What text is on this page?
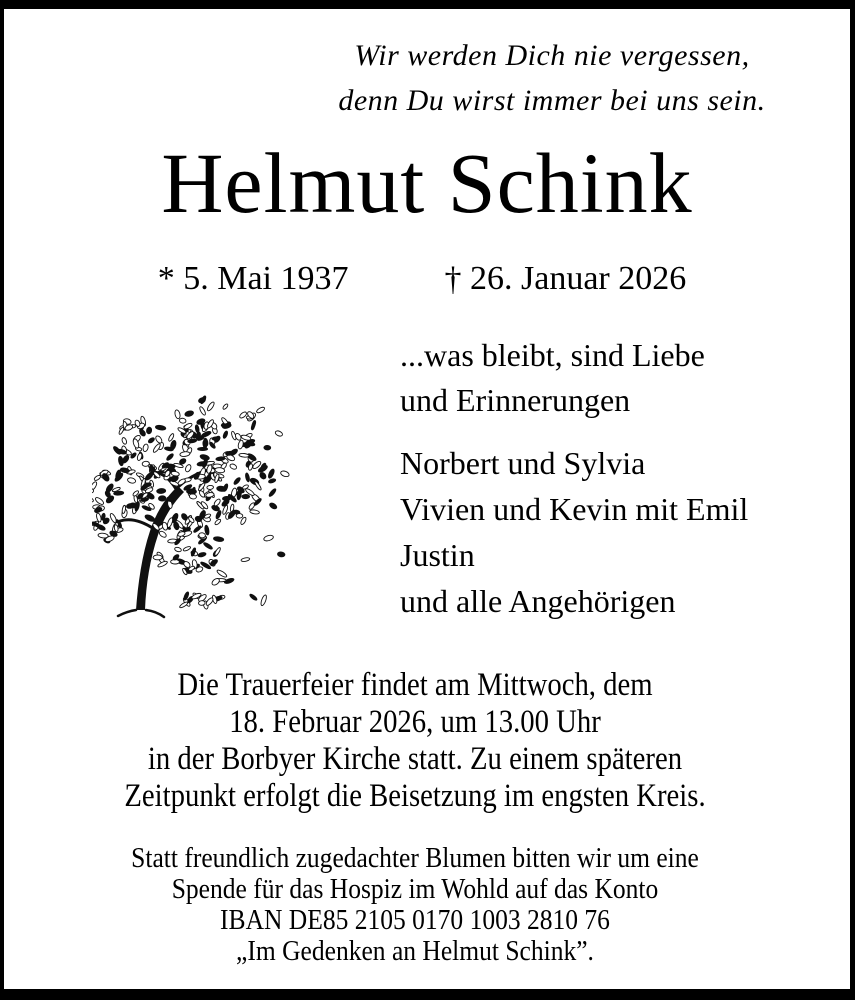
Wir werden Dich nie vergessen,
denn Du wirst immer bei uns sein.
Helmut Schink
* 5. Mai 1937	† 26. Januar 2026
...was bleibt, sind Liebe
und Erinnerungen
Norbert und Sylvia
Vivien und Kevin mit Emil
Justin
und alle Angehörigen
Die Trauerfeier findet am Mittwoch, dem
18. Februar 2026, um 13.00 Uhr
in der Borbyer Kirche statt. Zu einem späteren
Zeitpunkt erfolgt die Beisetzung im engsten Kreis.
Statt freundlich zugedachter Blumen bitten wir um eine
Spende für das Hospiz im Wohld auf das Konto
IBAN DE85 2105 0170 1003 2810 76
„Im Gedenken an Helmut Schink”.
